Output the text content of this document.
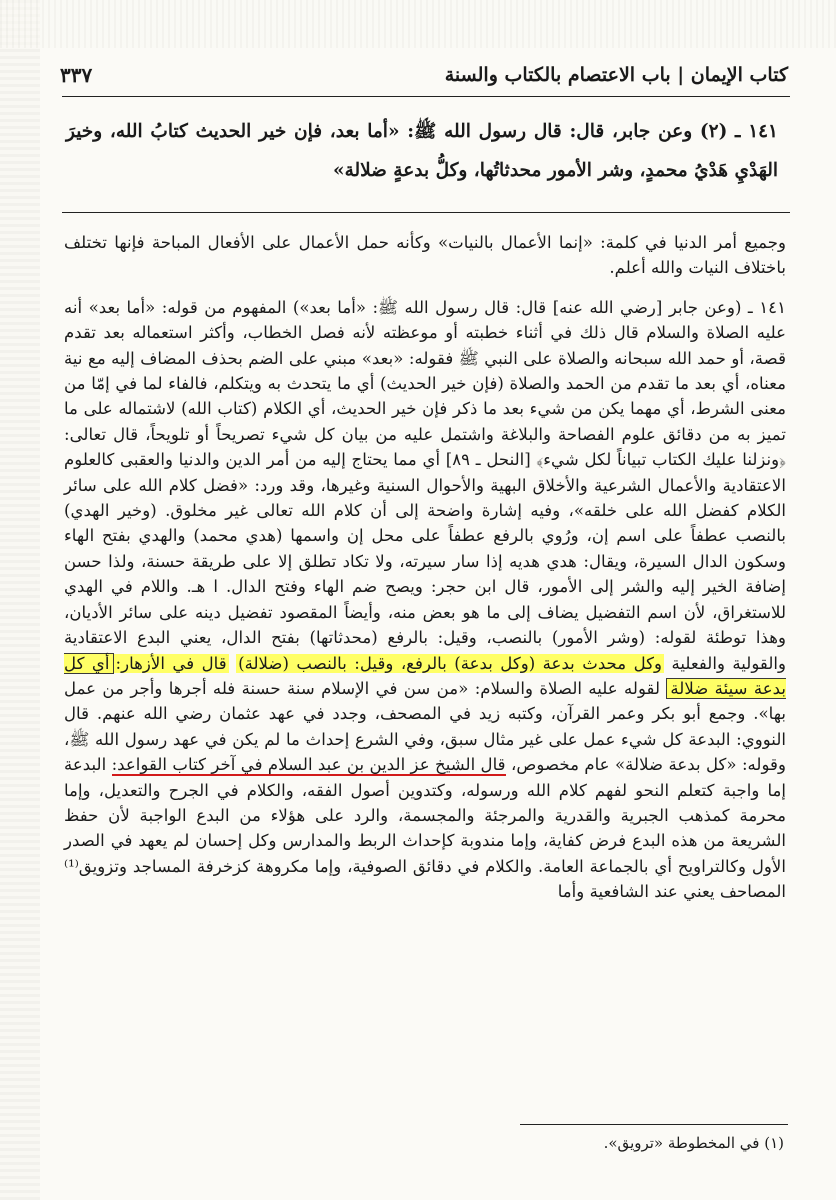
كتاب الإيمان | باب الاعتصام بالكتاب والسنة
٣٣٧
١٤١ ـ (٢) وعن جابر، قال: قال رسول الله ﷺ: «أما بعد، فإن خير الحديث كتابُ الله، وخيرَ الهَدْيِ هَدْيُ محمدٍ، وشر الأمور محدثاتُها، وكلُّ بدعةٍ ضلالة»

وجميع أمر الدنيا في كلمة: «إنما الأعمال بالنيات» وكأنه حمل الأعمال على الأفعال المباحة فإنها تختلف باختلاف النيات والله أعلم.

١٤١ ـ (وعن جابر [رضي الله عنه] قال: قال رسول الله ﷺ: «أما بعد») المفهوم من قوله: «أما بعد» أنه عليه الصلاة والسلام قال ذلك في أثناء خطبته أو موعظته لأنه فصل الخطاب، وأكثر استعماله بعد تقدم قصة، أو حمد الله سبحانه والصلاة على النبي ﷺ فقوله: «بعد» مبني على الضم بحذف المضاف إليه مع نية معناه، أي بعد ما تقدم من الحمد والصلاة (فإن خير الحديث) أي ما يتحدث به ويتكلم، فالفاء لما في إمّا من معنى الشرط، أي مهما يكن من شيء بعد ما ذكر فإن خير الحديث، أي الكلام (كتاب الله) لاشتماله على ما تميز به من دقائق علوم الفصاحة والبلاغة واشتمل عليه من بيان كل شيء تصريحاً أو تلويحاً، قال تعالى: ﴿ونزلنا عليك الكتاب تبياناً لكل شيء﴾ [النحل ـ ٨٩] أي مما يحتاج إليه من أمر الدين والدنيا والعقبى كالعلوم الاعتقادية والأعمال الشرعية والأخلاق البهية والأحوال السنية وغيرها، وقد ورد: «فضل كلام الله على سائر الكلام كفضل الله على خلقه»، وفيه إشارة واضحة إلى أن كلام الله تعالى غير مخلوق. (وخير الهدي) بالنصب عطفاً على اسم إن، ورُوي بالرفع عطفاً على محل إن واسمها (هدي محمد) والهدي بفتح الهاء وسكون الدال السيرة، ويقال: هدي هديه إذا سار سيرته، ولا تكاد تطلق إلا على طريقة حسنة، ولذا حسن إضافة الخير إليه والشر إلى الأمور، قال ابن حجر: ويصح ضم الهاء وفتح الدال. ا هـ. واللام في الهدي للاستغراق، لأن اسم التفضيل يضاف إلى ما هو بعض منه، وأيضاً المقصود تفضيل دينه على سائر الأديان، وهذا توطئة لقوله: (وشر الأمور) بالنصب، وقيل: بالرفع (محدثاتها) بفتح الدال، يعني البدع الاعتقادية والقولية والفعلية وكل محدث بدعة (وكل بدعة) بالرفع، وقيل: بالنصب (ضلالة) قال في الأزهار:أي كل بدعة سيئة ضلالة لقوله عليه الصلاة والسلام: «من سن في الإسلام سنة حسنة فله أجرها وأجر من عمل بها». وجمع أبو بكر وعمر القرآن، وكتبه زيد في المصحف، وجدد في عهد عثمان رضي الله عنهم. قال النووي: البدعة كل شيء عمل على غير مثال سبق، وفي الشرع إحداث ما لم يكن في عهد رسول الله ﷺ، وقوله: «كل بدعة ضلالة» عام مخصوص، قال الشيخ عز الدين بن عبد السلام في آخر كتاب القواعد: البدعة إما واجبة كتعلم النحو لفهم كلام الله ورسوله، وكتدوين أصول الفقه، والكلام في الجرح والتعديل، وإما محرمة كمذهب الجبرية والقدرية والمرجئة والمجسمة، والرد على هؤلاء من البدع الواجبة لأن حفظ الشريعة من هذه البدع فرض كفاية، وإما مندوبة كإحداث الربط والمدارس وكل إحسان لم يعهد في الصدر الأول وكالتراويح أي بالجماعة العامة. والكلام في دقائق الصوفية، وإما مكروهة كزخرفة المساجد وتزويق⁽¹⁾ المصاحف يعني عند الشافعية وأما

(١) في المخطوطة «ترويق».
